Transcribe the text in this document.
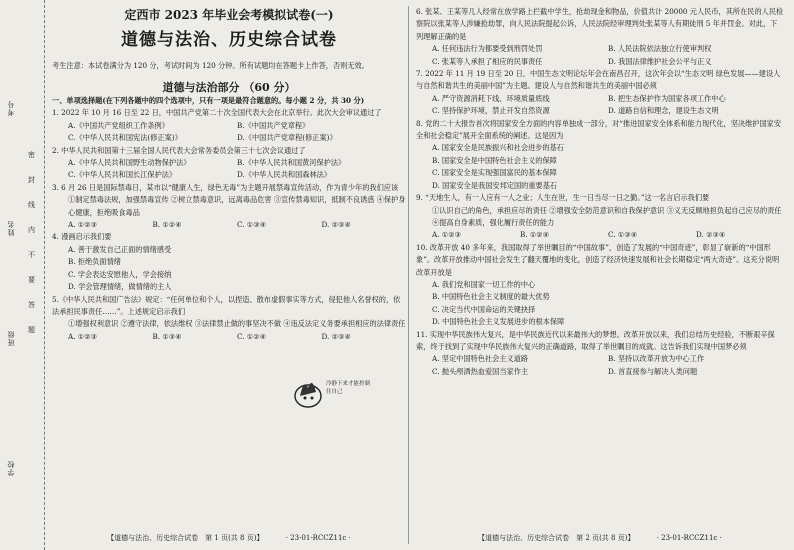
考号
姓名
班级
学校
密
封
线
内
不
要
答
题
定西市 2023 年毕业会考模拟试卷(一)
道德与法治、历史综合试卷
考生注意：本试卷满分为 120 分，考试时间为 120 分钟。所有试题均在答题卡上作答，否则无效。
道德与法治部分 （60 分）

一、单项选择题(在下列各题中的四个选项中，只有一项是最符合题意的。每小题 2 分，共 30 分)

1. 2022 年 10 月 16 日至 22 日，中国共产党第二十次全国代表大会在北京举行。此次大会审议通过了

A.《中国共产党组织工作条例》	B.《中国共产党章程》
C.《中华人民共和国宪法(修正案)》	D.《中国共产党章程(修正案)》

2. 中华人民共和国第十三届全国人民代表大会常务委员会第三十七次会议通过了

A.《中华人民共和国野生动物保护法》	B.《中华人民共和国黄河保护法》
C.《中华人民共和国长江保护法》	D.《中华人民共和国森林法》

3. 6 月 26 日是国际禁毒日，某市以“健康人生，绿色无毒”为主题开展禁毒宣传活动，作为青少年的我们应该

①制定禁毒法规，加强禁毒宣传 ②树立禁毒意识，远离毒品危害 ③宣传禁毒知识，抵制不良诱惑 ④保护身心健康，拒绝吸食毒品

A. ①②③	B. ①②④	C. ①③④	D. ②③④

4. 漫画启示我们要

A. 善于激发自己正面的情绪感受

B. 拒绝负面情绪

C. 学会表达安慰他人，学会接纳

D. 学会管理情绪，做情绪的主人

5.《中华人民共和国广告法》规定：“任何单位和个人，以捏造、散布虚假事实等方式，侵犯他人名誉权的，依法承担民事责任……”。上述规定启示我们

①增强权利意识 ②遵守法律，依法维权 ③法律禁止做的事坚决不做 ④违反法定义务要承担相应的法律责任

A. ①②③	B. ①③④	C. ①②④	D. ②③④
【道德与法治、历史综合试卷　第 1 页(共 8 页)】	· 23-01-RCCZ11c ·
冷静下来才能控制住自己

6. 张某、王某等几人经常在放学路上拦截中学生，抢劫现金和物品，价值共计 20000 元人民币，其所在民的人民检察院以张某等人涉嫌抢劫罪，向人民法院提起公诉，人民法院经审理判处张某等人有期徒刑 5 年并罚金。对此，下列理解正确的是

A. 任何违法行为都要受到刑罚处罚	B. 人民法院依法独立行使审判权
C. 张某等人承担了相应的民事责任	D. 我国法律维护社会公平与正义

7. 2022 年 11 月 19 日至 20 日，中国生态文明论坛年会在南昌召开，这次年会以“生态文明 绿色发展——建设人与自然和谐共生的美丽中国”为主题。建设人与自然和谐共生的美丽中国必须

A. 严守资源消耗下线、环境质量底线	B. 把生态保护作为国家各项工作中心
C. 坚持保护环境，禁止开发自然资源	D. 道路自信和理念，建设生态文明

8. 党的二十大报告首次将国家安全方面的内容单独成一部分，对“推进国家安全体系和能力现代化，坚决维护国家安全和社会稳定”展开全面系统的阐述。这是因为

A. 国家安全是民族振兴和社会进步的基石

B. 国家安全是中国特色社会主义的保障

C. 国家安全是实现强国富民的基本保障

D. 国家安全是我国安邦定国的重要基石

9. “天地生人，有一人应有一人之业；人生在世，生一日当尽一日之勤。”这一名言启示我们要

①认识自己的角色，承担应尽的责任 ②增强安全防范意识和自我保护意识 ③义无反顾地担负起自己应尽的责任 ④提高自身素质，强化履行责任的能力

A. ①②③	B. ①②④	C. ①③④	D. ②③④

10. 改革开放 40 多年来，我国取得了举世瞩目的“中国故事”，创造了发展的“中国奇迹”，彰显了崭新的“中国形象”。改革开放推动中国社会发生了翻天覆地的变化，创造了经济快速发展和社会长期稳定“两大奇迹”。这充分说明改革开放是

A. 我们党和国家一切工作的中心

B. 中国特色社会主义制度的最大优势

C. 决定当代中国命运的关键抉择

D. 中国特色社会主义发展进步的根本保障

11. 实现中华民族伟大复兴，是中华民族近代以来最伟大的梦想。改革开放以来，我们总结历史经验，不断艰辛探索，终于找到了实现中华民族伟大复兴的正确道路，取得了举世瞩目的成就。这告诉我们实现中国梦必须

A. 坚定中国特色社会主义道路	B. 坚持以改革开放为中心工作
C. 抛头颅洒热血爱国当家作主	D. 首直接参与解决人类问题
【道德与法治、历史综合试卷　第 2 页(共 8 页)】	· 23-01-RCCZ11c ·
